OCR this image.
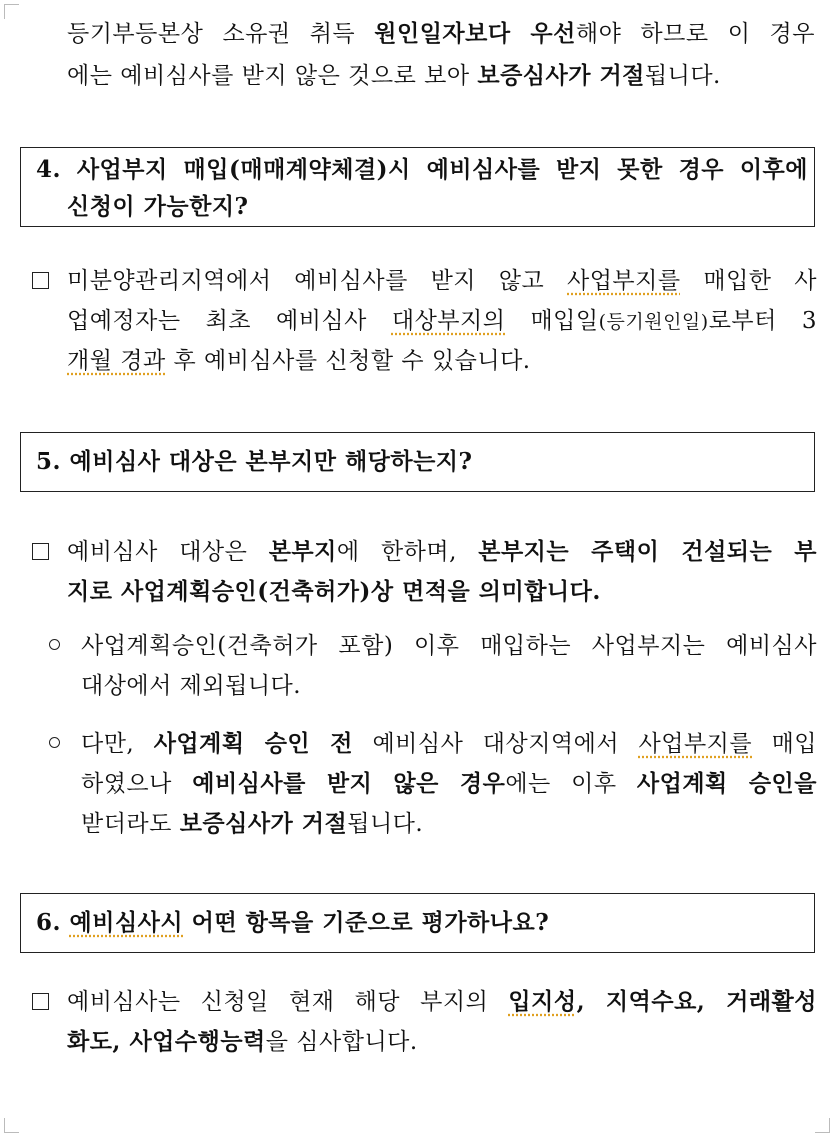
등기부등본상 소유권 취득 원인일자보다 우선해야 하므로 이 경우
에는 예비심사를 받지 않은 것으로 보아 보증심사가 거절됩니다.
4. 사업부지 매입(매매계약체결)시 예비심사를 받지 못한 경우 이후에
신청이 가능한지?
미분양관리지역에서 예비심사를 받지 않고 사업부지를 매입한 사
업예정자는 최초 예비심사 대상부지의 매입일(등기원인일)로부터 3
개월 경과 후 예비심사를 신청할 수 있습니다.
5. 예비심사 대상은 본부지만 해당하는지?
예비심사 대상은 본부지에 한하며, 본부지는 주택이 건설되는 부
지로 사업계획승인(건축허가)상 면적을 의미합니다.
사업계획승인(건축허가 포함) 이후 매입하는 사업부지는 예비심사
대상에서 제외됩니다.
다만, 사업계획 승인 전 예비심사 대상지역에서 사업부지를 매입
하였으나 예비심사를 받지 않은 경우에는 이후 사업계획 승인을
받더라도 보증심사가 거절됩니다.
6. 예비심사시 어떤 항목을 기준으로 평가하나요?
예비심사는 신청일 현재 해당 부지의 입지성, 지역수요, 거래활성
화도, 사업수행능력을 심사합니다.
